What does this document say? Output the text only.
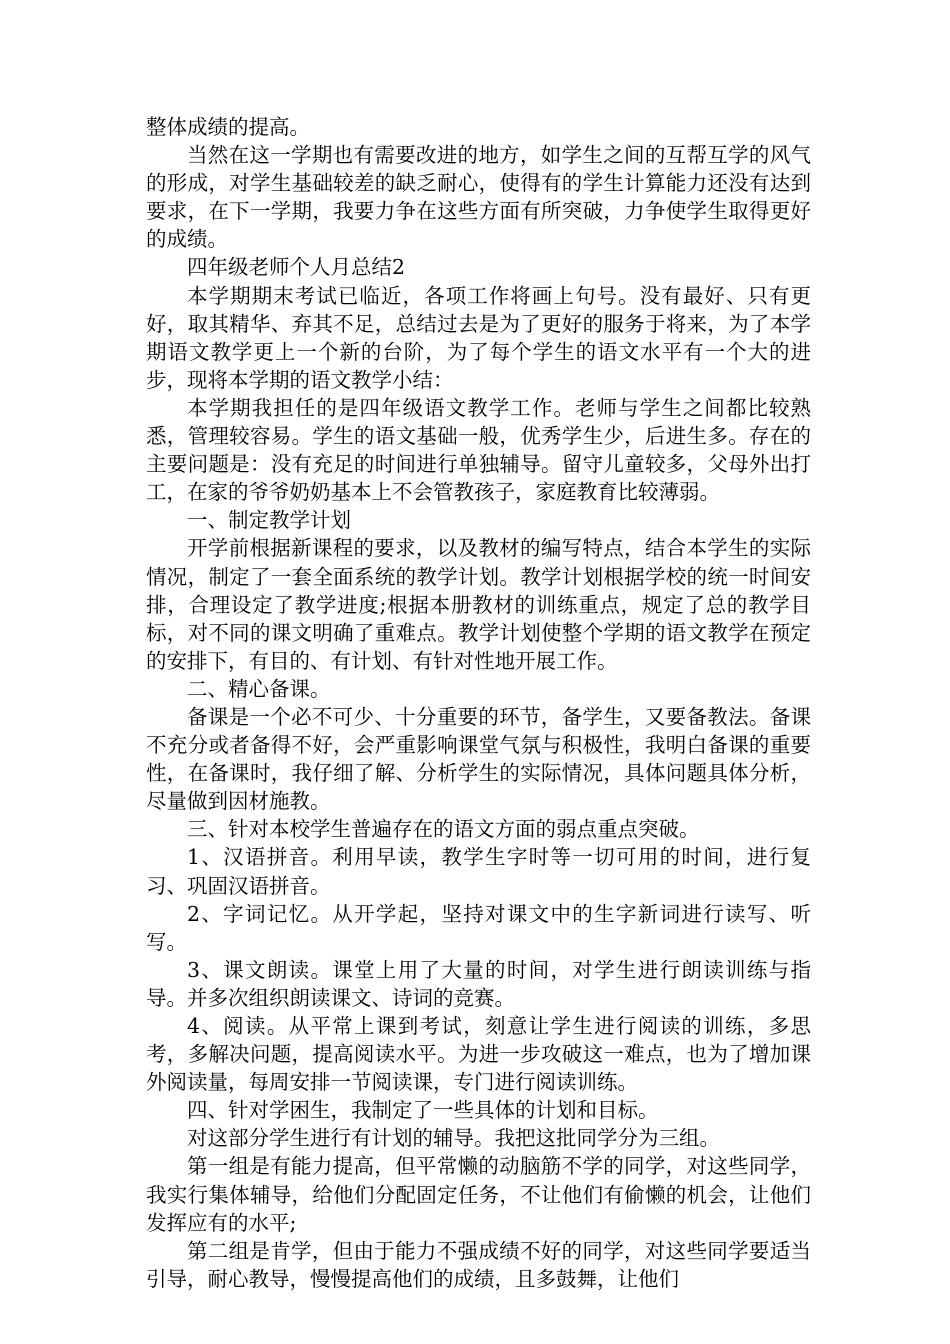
整体成绩的提高。

当然在这一学期也有需要改进的地方，如学生之间的互帮互学的风气的形成，对学生基础较差的缺乏耐心，使得有的学生计算能力还没有达到要求，在下一学期，我要力争在这些方面有所突破，力争使学生取得更好的成绩。

四年级老师个人月总结2

本学期期末考试已临近，各项工作将画上句号。没有最好、只有更好，取其精华、弃其不足，总结过去是为了更好的服务于将来，为了本学期语文教学更上一个新的台阶，为了每个学生的语文水平有一个大的进步，现将本学期的语文教学小结：

本学期我担任的是四年级语文教学工作。老师与学生之间都比较熟悉，管理较容易。学生的语文基础一般，优秀学生少，后进生多。存在的主要问题是：没有充足的时间进行单独辅导。留守儿童较多，父母外出打工，在家的爷爷奶奶基本上不会管教孩子，家庭教育比较薄弱。

一、制定教学计划

开学前根据新课程的要求，以及教材的编写特点，结合本学生的实际情况，制定了一套全面系统的教学计划。教学计划根据学校的统一时间安排，合理设定了教学进度;根据本册教材的训练重点，规定了总的教学目标，对不同的课文明确了重难点。教学计划使整个学期的语文教学在预定的安排下，有目的、有计划、有针对性地开展工作。

二、精心备课。

备课是一个必不可少、十分重要的环节，备学生，又要备教法。备课不充分或者备得不好，会严重影响课堂气氛与积极性，我明白备课的重要性，在备课时，我仔细了解、分析学生的实际情况，具体问题具体分析，尽量做到因材施教。

三、针对本校学生普遍存在的语文方面的弱点重点突破。

1、汉语拼音。利用早读，教学生字时等一切可用的时间，进行复习、巩固汉语拼音。

2、字词记忆。从开学起，坚持对课文中的生字新词进行读写、听写。

3、课文朗读。课堂上用了大量的时间，对学生进行朗读训练与指导。并多次组织朗读课文、诗词的竞赛。

4、阅读。从平常上课到考试，刻意让学生进行阅读的训练，多思考，多解决问题，提高阅读水平。为进一步攻破这一难点，也为了增加课外阅读量，每周安排一节阅读课，专门进行阅读训练。

四、针对学困生，我制定了一些具体的计划和目标。

对这部分学生进行有计划的辅导。我把这批同学分为三组。

第一组是有能力提高，但平常懒的动脑筋不学的同学，对这些同学，我实行集体辅导，给他们分配固定任务，不让他们有偷懒的机会，让他们发挥应有的水平;

第二组是肯学，但由于能力不强成绩不好的同学，对这些同学要适当引导，耐心教导，慢慢提高他们的成绩，且多鼓舞，让他们
